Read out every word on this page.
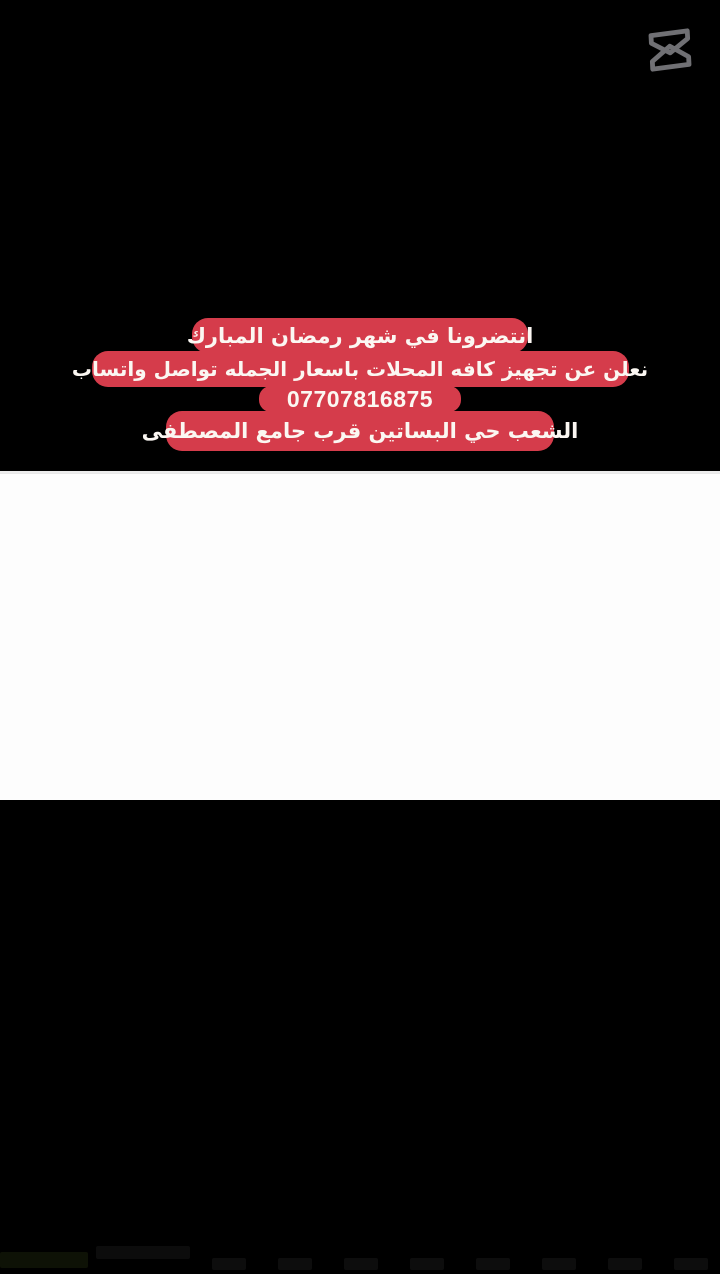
انتضرونا في شهر رمضان المبارك
نعلن عن تجهيز كافه المحلات باسعار الجمله تواصل واتساب
07707816875
الشعب حي البساتين قرب جامع المصطفى
